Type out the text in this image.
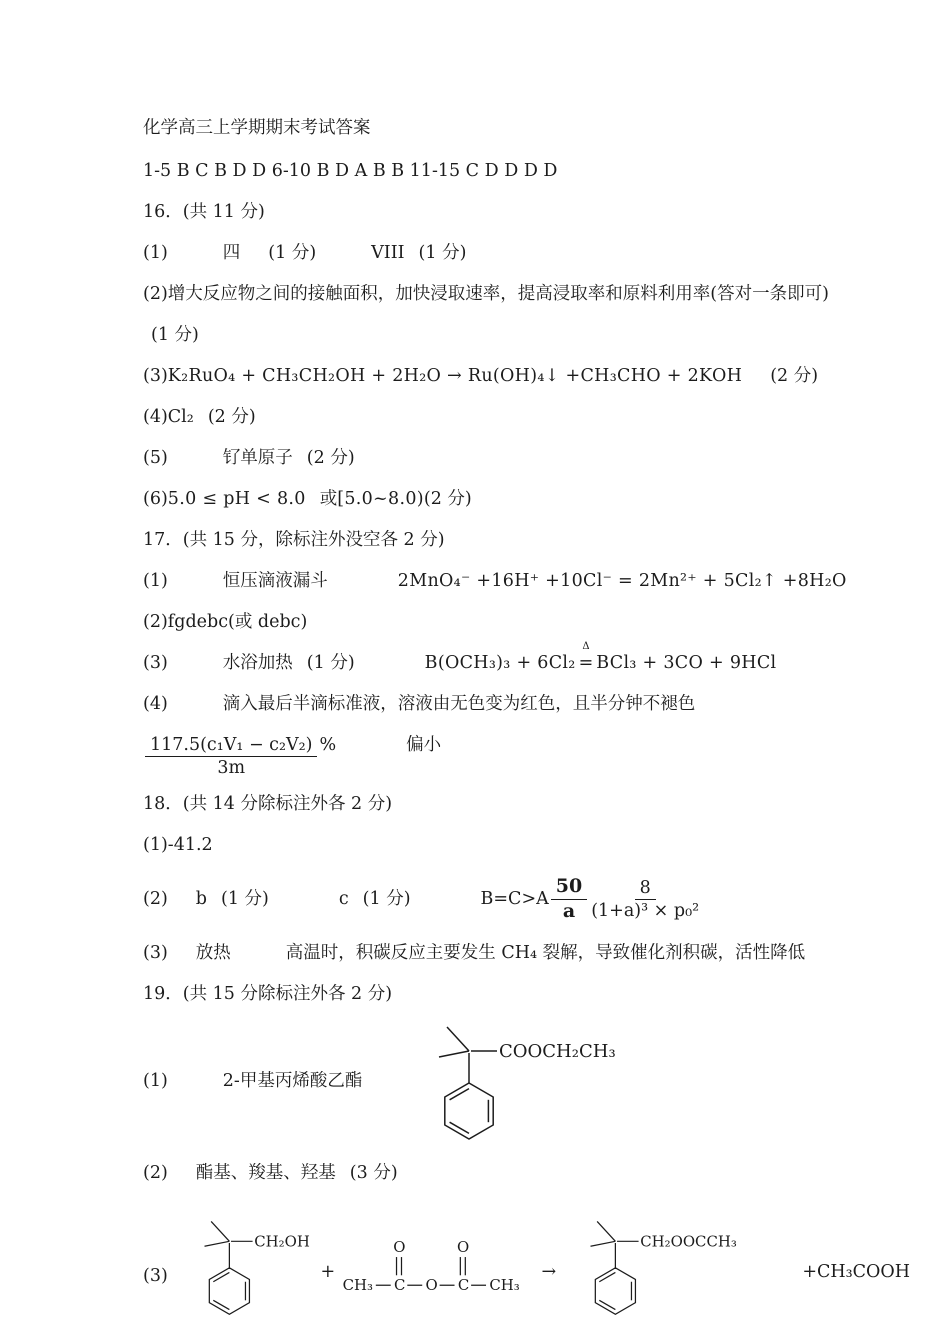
化学高三上学期期末考试答案
1-5 B C B D D 6-10 B D A B B 11-15 C D D D D
16．(共 11 分)
(1)	四 (1 分)	VIII (1 分)
(2)增大反应物之间的接触面积，加快浸取速率，提高浸取率和原料利用率(答对一条即可)
(1 分)
(3) K₂RuO₄ + CH₃CH₂OH + 2H₂O → Ru(OH)₄↓ +CH₃CHO + 2KOH (2 分)
(4) Cl₂ (2 分)
(5)	钌单原子 (2 分)
(6) 5.0 ≤ pH < 8.0 或 [5.0~8.0) (2 分)
17．(共 15 分，除标注外没空各 2 分)
(1)	恒压滴液漏斗	2MnO₄⁻ +16H⁺ +10Cl⁻ = 2Mn²⁺ + 5Cl₂↑ +8H₂O
(2)fgdebc(或 debc)
(3)	水浴加热 (1 分)	B(OCH₃)₃ + 6Cl₂
Δ
= BCl₃ + 3CO + 9HCl
(4)	滴入最后半滴标准液，溶液由无色变为红色，且半分钟不褪色
$\frac{\text{117.5(c₁V₁ − c₂V₂)}}{3m}$ %	偏小
18．(共 14 分除标注外各 2 分)
(1)-41.2
(2) b (1 分)	c (1 分)	$B=C>A \frac{50}{a} \frac{8}{\text{(1+a)³ × p₀²}}$
(3) 放热	高温时，积碳反应主要发生 CH₄ 裂解，导致催化剂积碳，活性降低
19．(共 15 分除标注外各 2 分)
(1)	2-甲基丙烯酸乙酯
COOCH₂CH₃
(2) 酯基、羧基、羟基 (3 分)
(3)
CH₂OH
+
CH₃ C
O
O C
O
CH₃
→
CH₂OOCCH₃
+CH₃COOH
